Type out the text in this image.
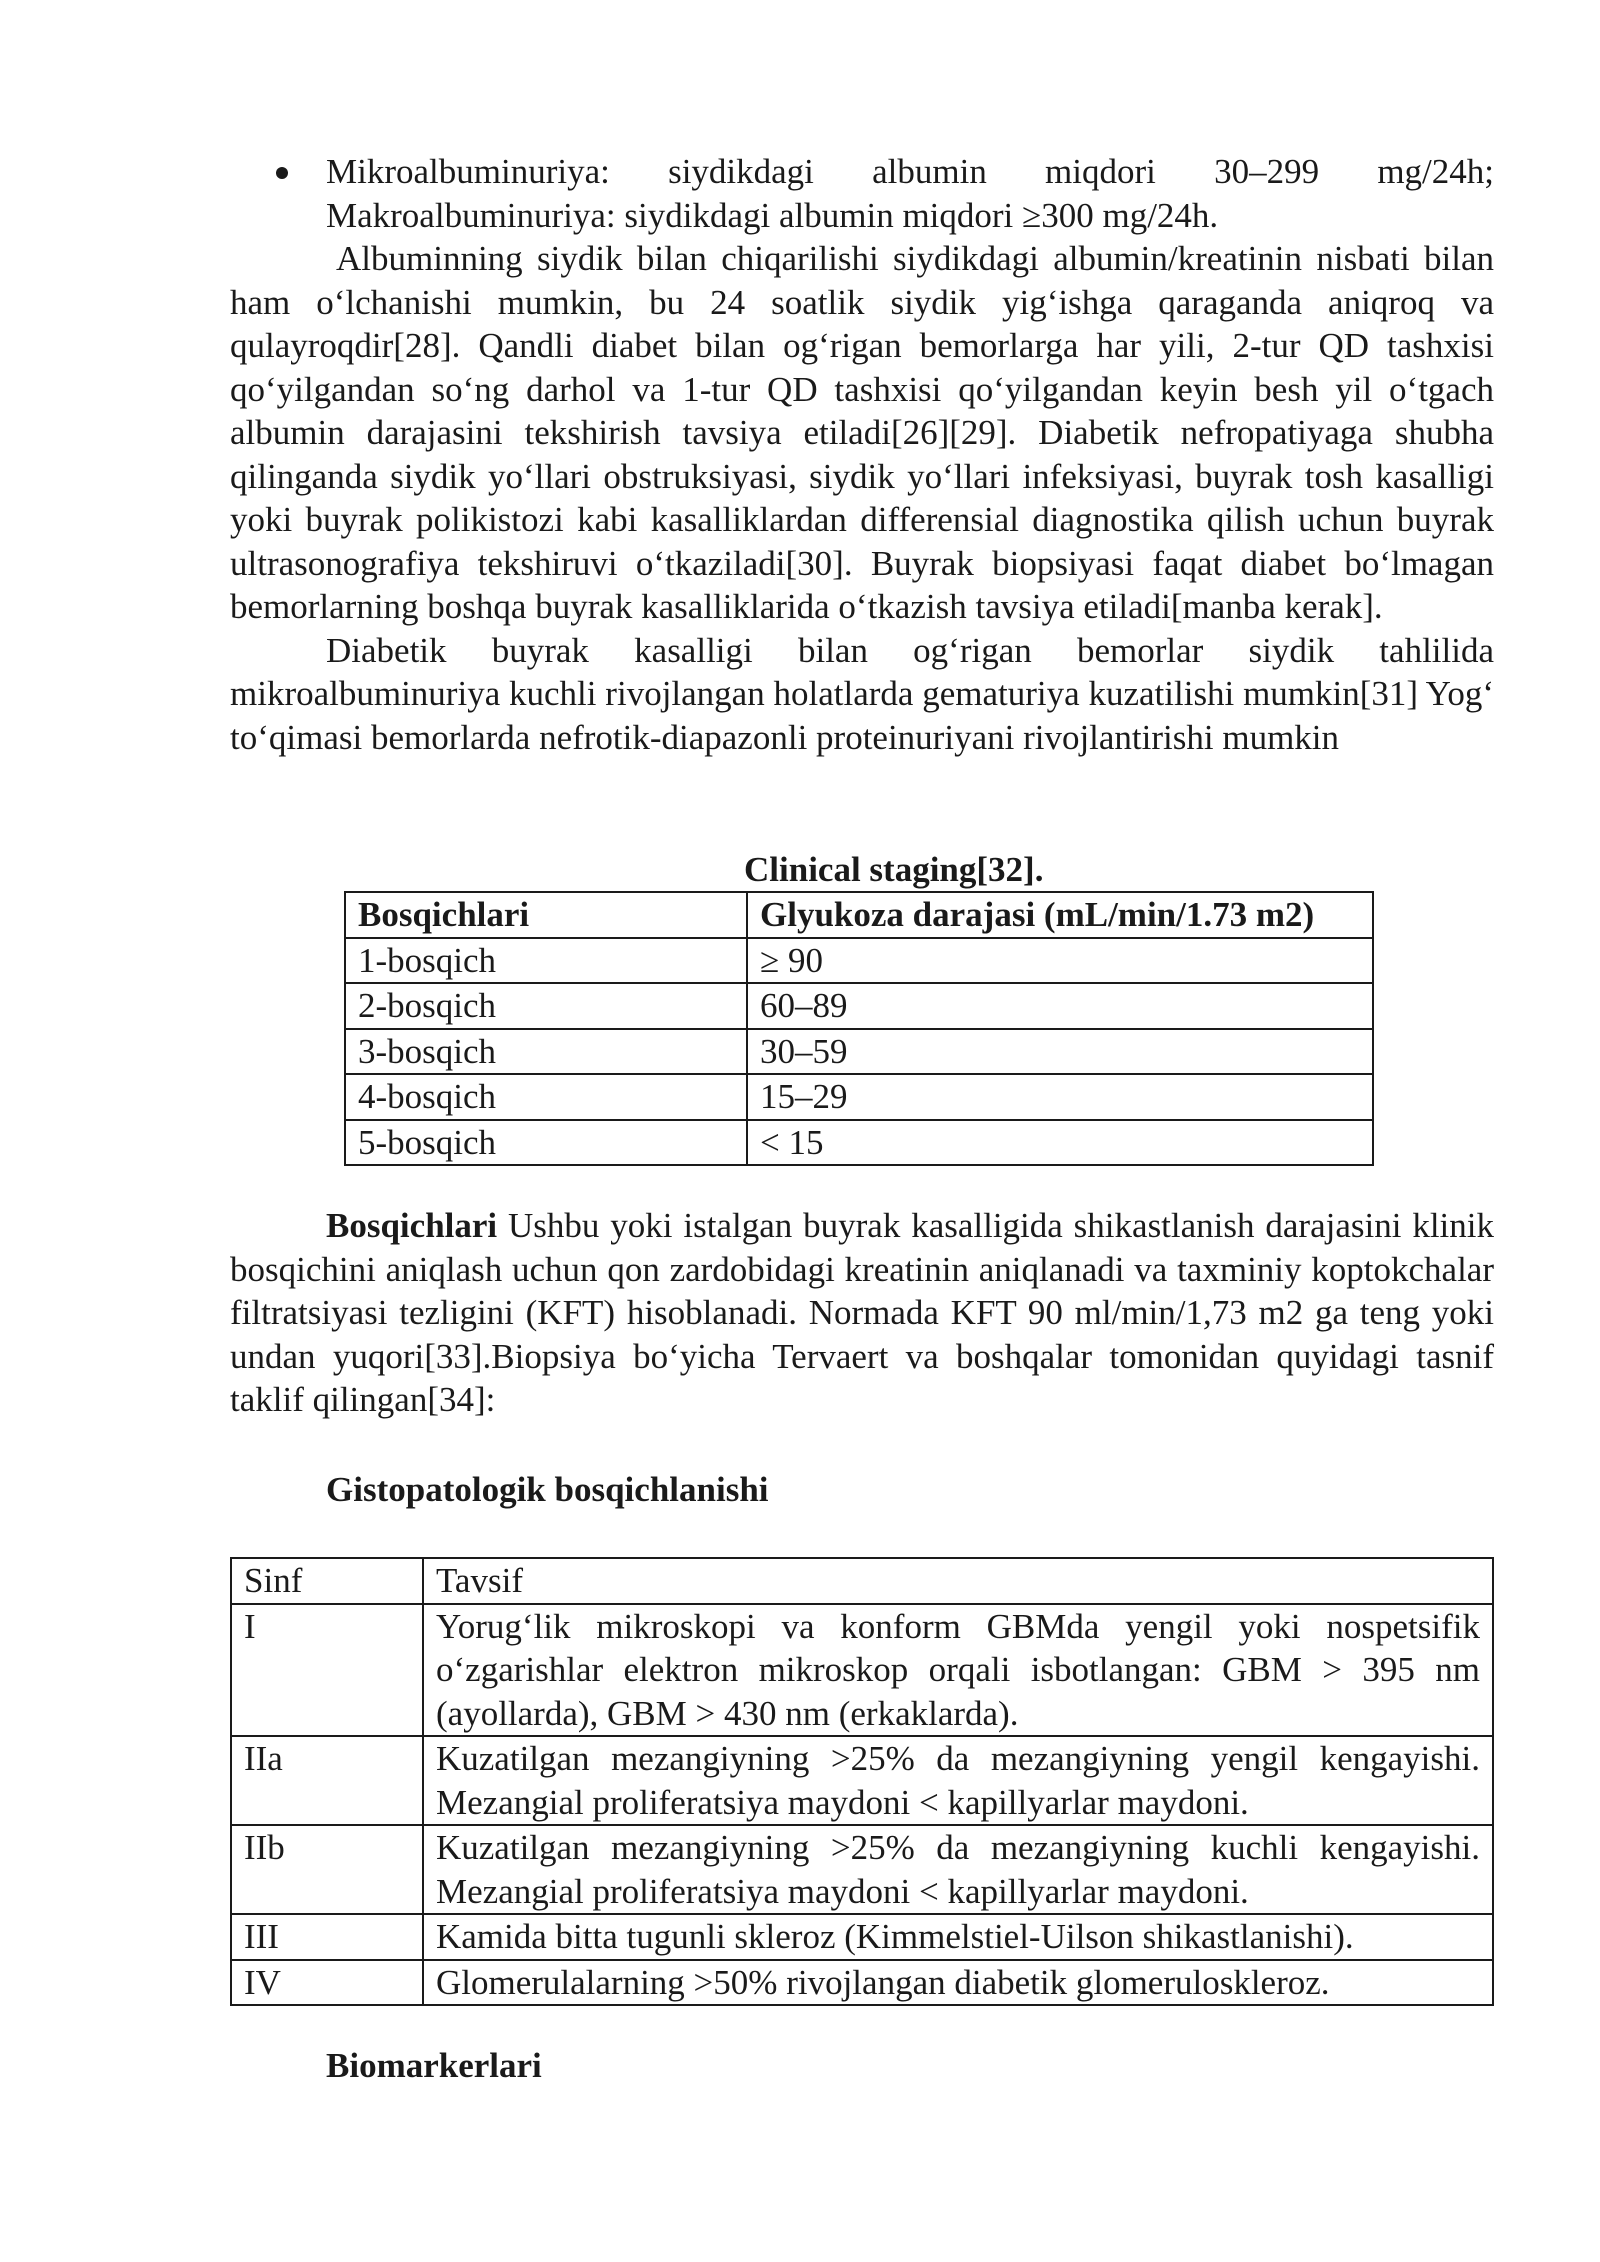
Mikroalbuminuriya: siydikdagi albumin miqdori 30–299 mg/24h;
Makroalbuminuriya: siydikdagi albumin miqdori ≥300 mg/24h.

Albuminning siydik bilan chiqarilishi siydikdagi albumin/kreatinin nisbati bilan ham oʻlchanishi mumkin, bu 24 soatlik siydik yigʻishga qaraganda aniqroq va qulayroqdir[28]. Qandli diabet bilan ogʻrigan bemorlarga har yili, 2-tur QD tashxisi qoʻyilgandan soʻng darhol va 1-tur QD tashxisi qoʻyilgandan keyin besh yil oʻtgach albumin darajasini tekshirish tavsiya etiladi[26][29]. Diabetik nefropatiyaga shubha qilinganda siydik yoʻllari obstruksiyasi, siydik yoʻllari infeksiyasi, buyrak tosh kasalligi yoki buyrak polikistozi kabi kasalliklardan differensial diagnostika qilish uchun buyrak ultrasonografiya tekshiruvi oʻtkaziladi[30]. Buyrak biopsiyasi faqat diabet boʻlmagan bemorlarning boshqa buyrak kasalliklarida oʻtkazish tavsiya etiladi[manba kerak].

Diabetik buyrak kasalligi bilan ogʻrigan bemorlar siydik tahlilida mikroalbuminuriya kuchli rivojlangan holatlarda gematuriya kuzatilishi mumkin[31] Yogʻ toʻqimasi bemorlarda nefrotik-diapazonli proteinuriyani rivojlantirishi mumkin

Clinical staging[32].
Bosqichlari	Glyukoza darajasi (mL/min/1.73 m2)
1-bosqich	≥ 90
2-bosqich	60–89
3-bosqich	30–59
4-bosqich	15–29
5-bosqich	< 15

Bosqichlari Ushbu yoki istalgan buyrak kasalligida shikastlanish darajasini klinik bosqichini aniqlash uchun qon zardobidagi kreatinin aniqlanadi va taxminiy koptokchalar filtratsiyasi tezligini (KFT) hisoblanadi. Normada KFT 90 ml/min/1,73 m2 ga teng yoki undan yuqori[33].Biopsiya boʻyicha Tervaert va boshqalar tomonidan quyidagi tasnif taklif qilingan[34]:

Gistopatologik bosqichlanishi
Sinf	Tavsif
I	Yorugʻlik mikroskopi va konform GBMda yengil yoki nospetsifik oʻzgarishlar elektron mikroskop orqali isbotlangan: GBM > 395 nm (ayollarda), GBM > 430 nm (erkaklarda).
IIa	Kuzatilgan mezangiyning >25% da mezangiyning yengil kengayishi. Mezangial proliferatsiya maydoni < kapillyarlar maydoni.
IIb	Kuzatilgan mezangiyning >25% da mezangiyning kuchli kengayishi. Mezangial proliferatsiya maydoni < kapillyarlar maydoni.
III	Kamida bitta tugunli skleroz (Kimmelstiel-Uilson shikastlanishi).
IV	Glomerulalarning >50% rivojlangan diabetik glomeruloskleroz.
Biomarkerlari
